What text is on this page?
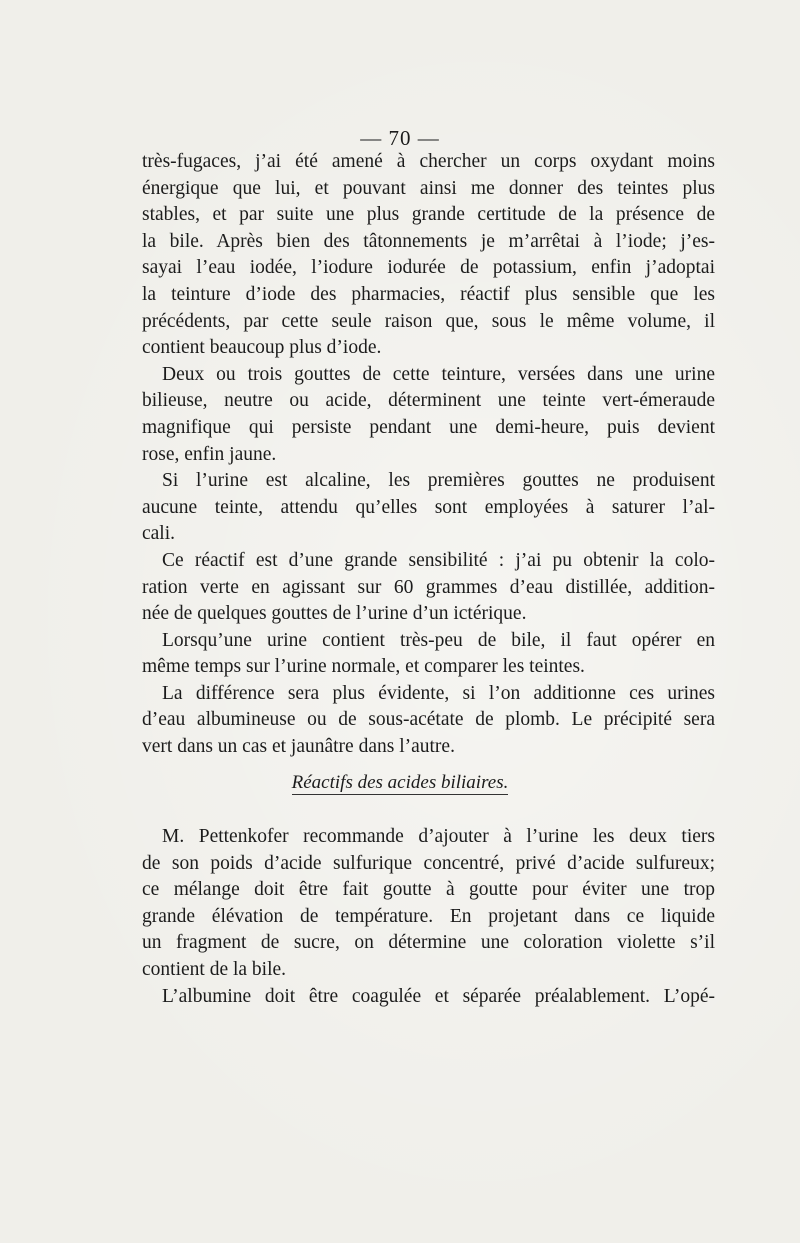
— 70 —
très-fugaces, j’ai été amené à chercher un corps oxydant moins
énergique que lui, et pouvant ainsi me donner des teintes plus
stables, et par suite une plus grande certitude de la présence de
la bile. Après bien des tâtonnements je m’arrêtai à l’iode; j’es-
sayai l’eau iodée, l’iodure iodurée de potassium, enfin j’adoptai
la teinture d’iode des pharmacies, réactif plus sensible que les
précédents, par cette seule raison que, sous le même volume, il
contient beaucoup plus d’iode.
Deux ou trois gouttes de cette teinture, versées dans une urine
bilieuse, neutre ou acide, déterminent une teinte vert-émeraude
magnifique qui persiste pendant une demi-heure, puis devient
rose, enfin jaune.
Si l’urine est alcaline, les premières gouttes ne produisent
aucune teinte, attendu qu’elles sont employées à saturer l’al-
cali.
Ce réactif est d’une grande sensibilité : j’ai pu obtenir la colo-
ration verte en agissant sur 60 grammes d’eau distillée, addition-
née de quelques gouttes de l’urine d’un ictérique.
Lorsqu’une urine contient très-peu de bile, il faut opérer en
même temps sur l’urine normale, et comparer les teintes.
La différence sera plus évidente, si l’on additionne ces urines
d’eau albumineuse ou de sous-acétate de plomb. Le précipité sera
vert dans un cas et jaunâtre dans l’autre.
Réactifs des acides biliaires.
M. Pettenkofer recommande d’ajouter à l’urine les deux tiers
de son poids d’acide sulfurique concentré, privé d’acide sulfureux;
ce mélange doit être fait goutte à goutte pour éviter une trop
grande élévation de température. En projetant dans ce liquide
un fragment de sucre, on détermine une coloration violette s’il
contient de la bile.
L’albumine doit être coagulée et séparée préalablement. L’opé-
